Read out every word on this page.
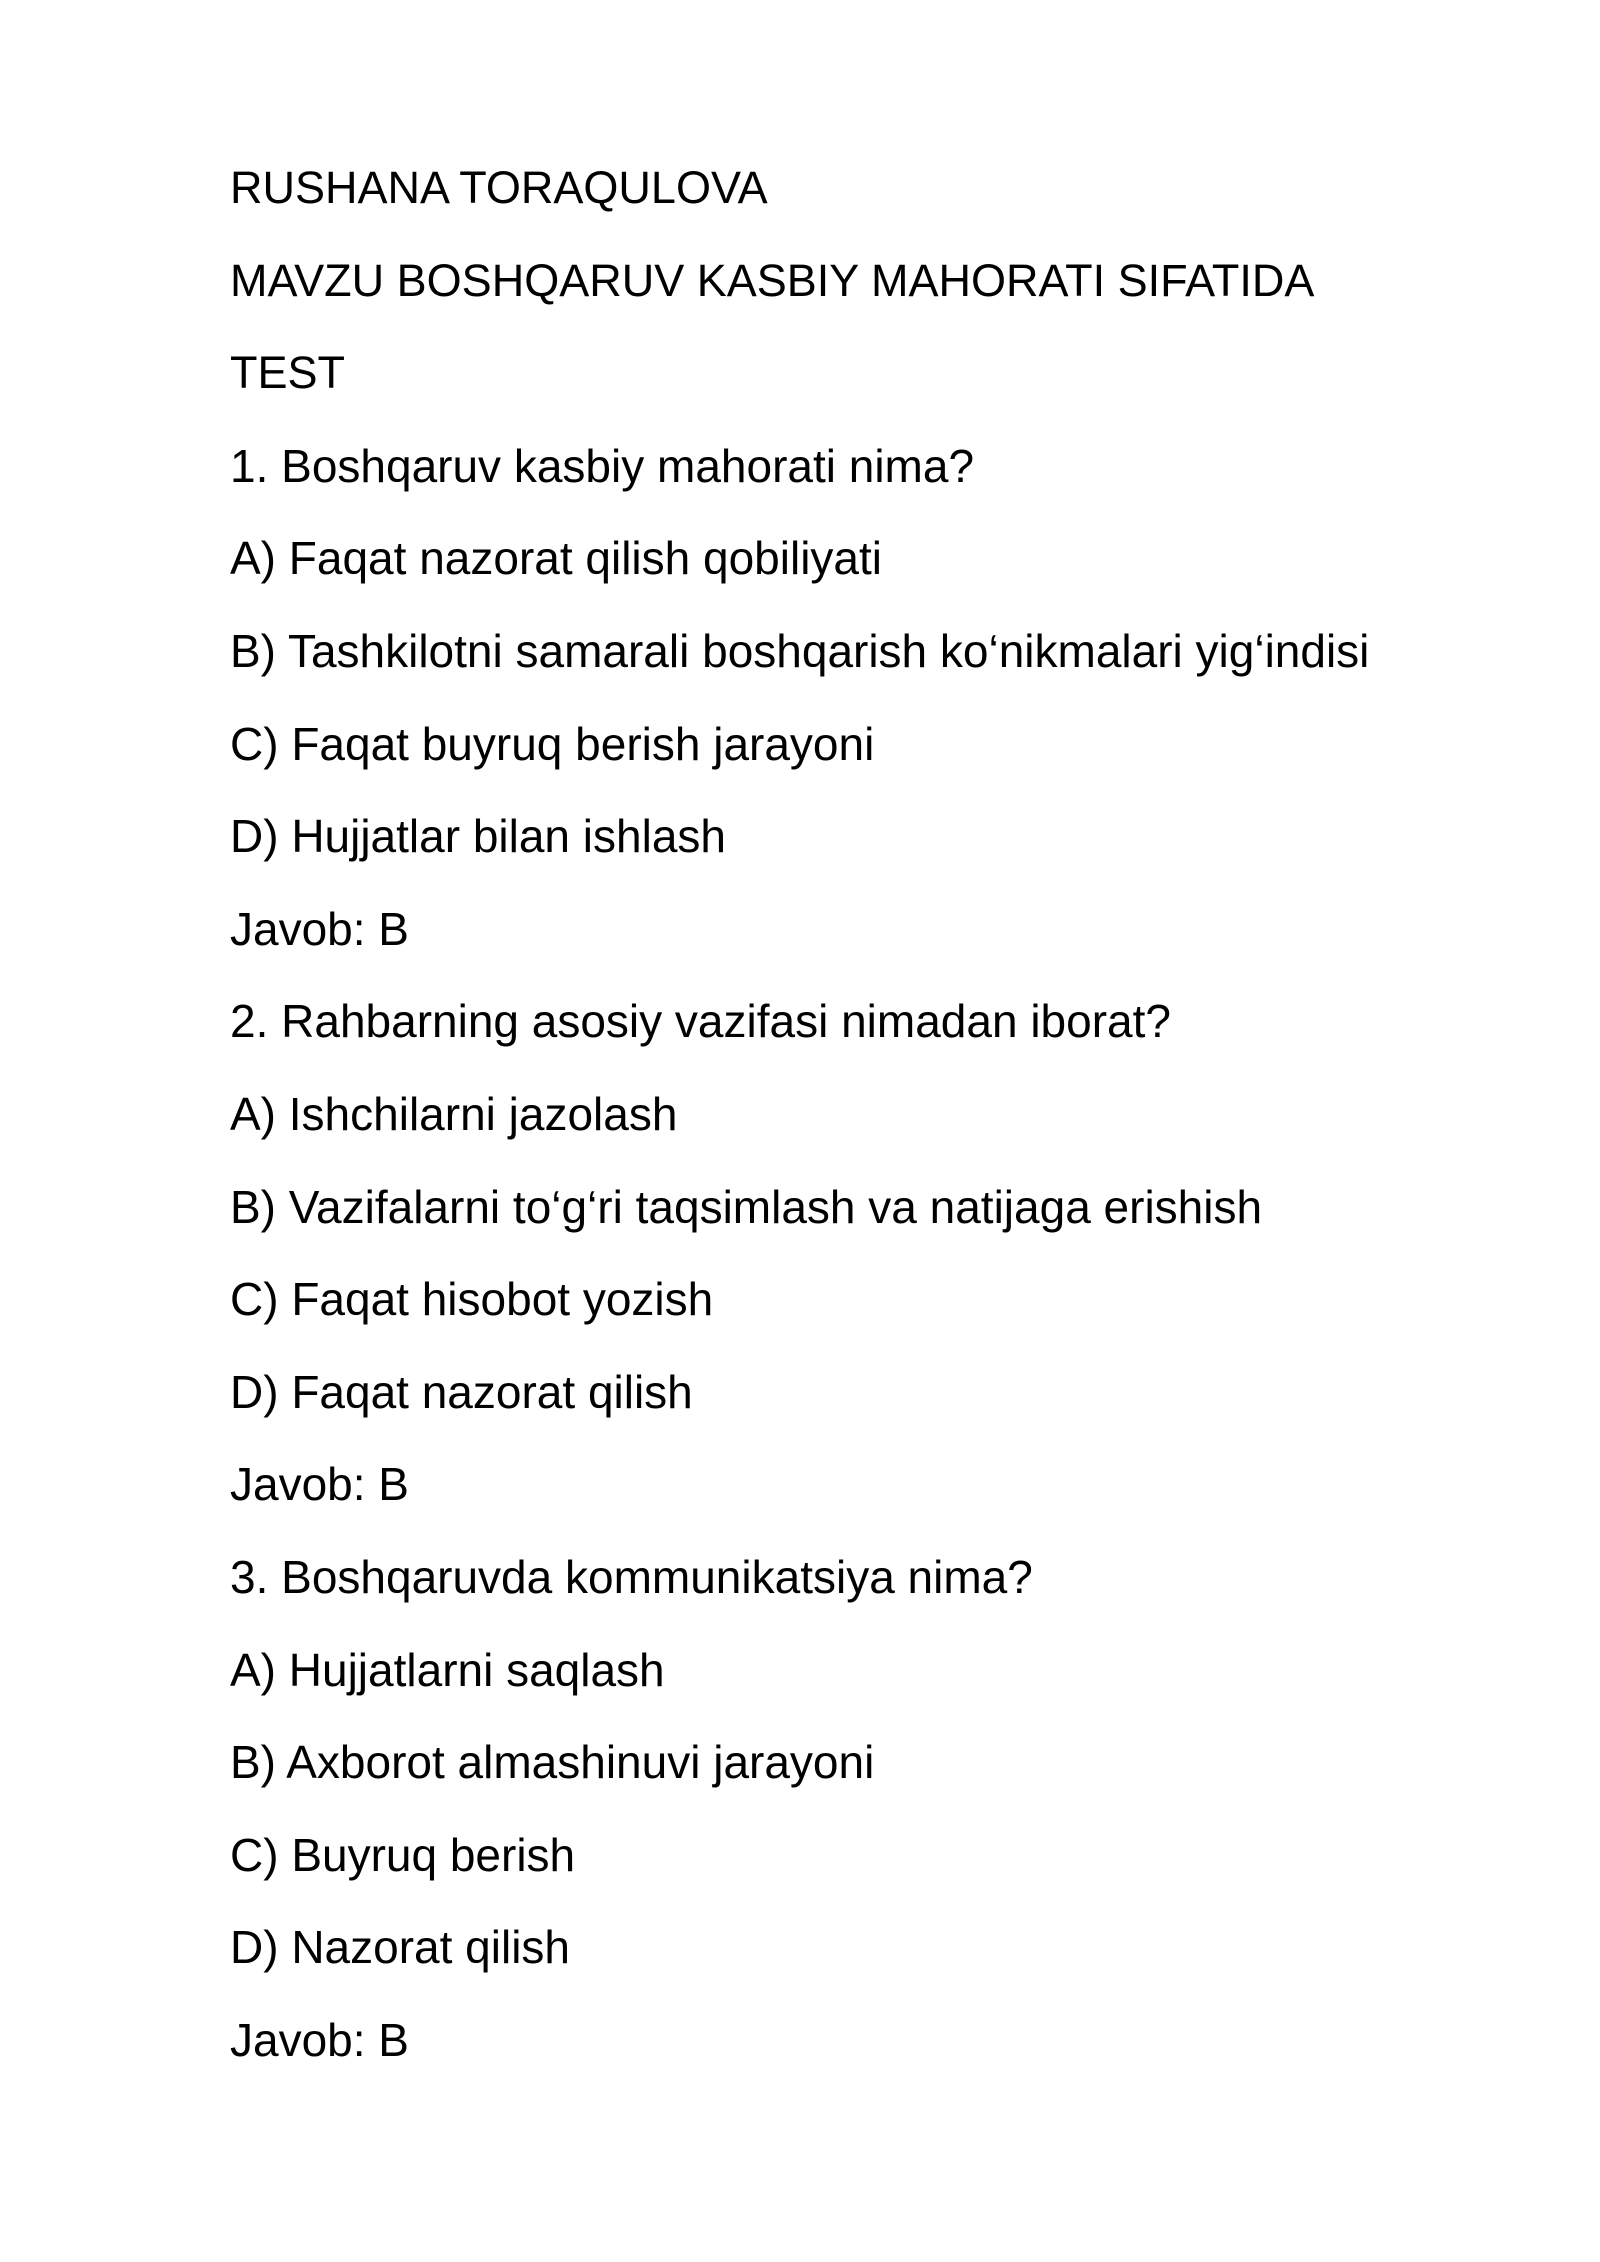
RUSHANA TORAQULOVA
MAVZU BOSHQARUV KASBIY MAHORATI SIFATIDA
TEST
1. Boshqaruv kasbiy mahorati nima?
A) Faqat nazorat qilish qobiliyati
B) Tashkilotni samarali boshqarish ko‘nikmalari yig‘indisi
C) Faqat buyruq berish jarayoni
D) Hujjatlar bilan ishlash
Javob: B
2. Rahbarning asosiy vazifasi nimadan iborat?
A) Ishchilarni jazolash
B) Vazifalarni to‘g‘ri taqsimlash va natijaga erishish
C) Faqat hisobot yozish
D) Faqat nazorat qilish
Javob: B
3. Boshqaruvda kommunikatsiya nima?
A) Hujjatlarni saqlash
B) Axborot almashinuvi jarayoni
C) Buyruq berish
D) Nazorat qilish
Javob: B
